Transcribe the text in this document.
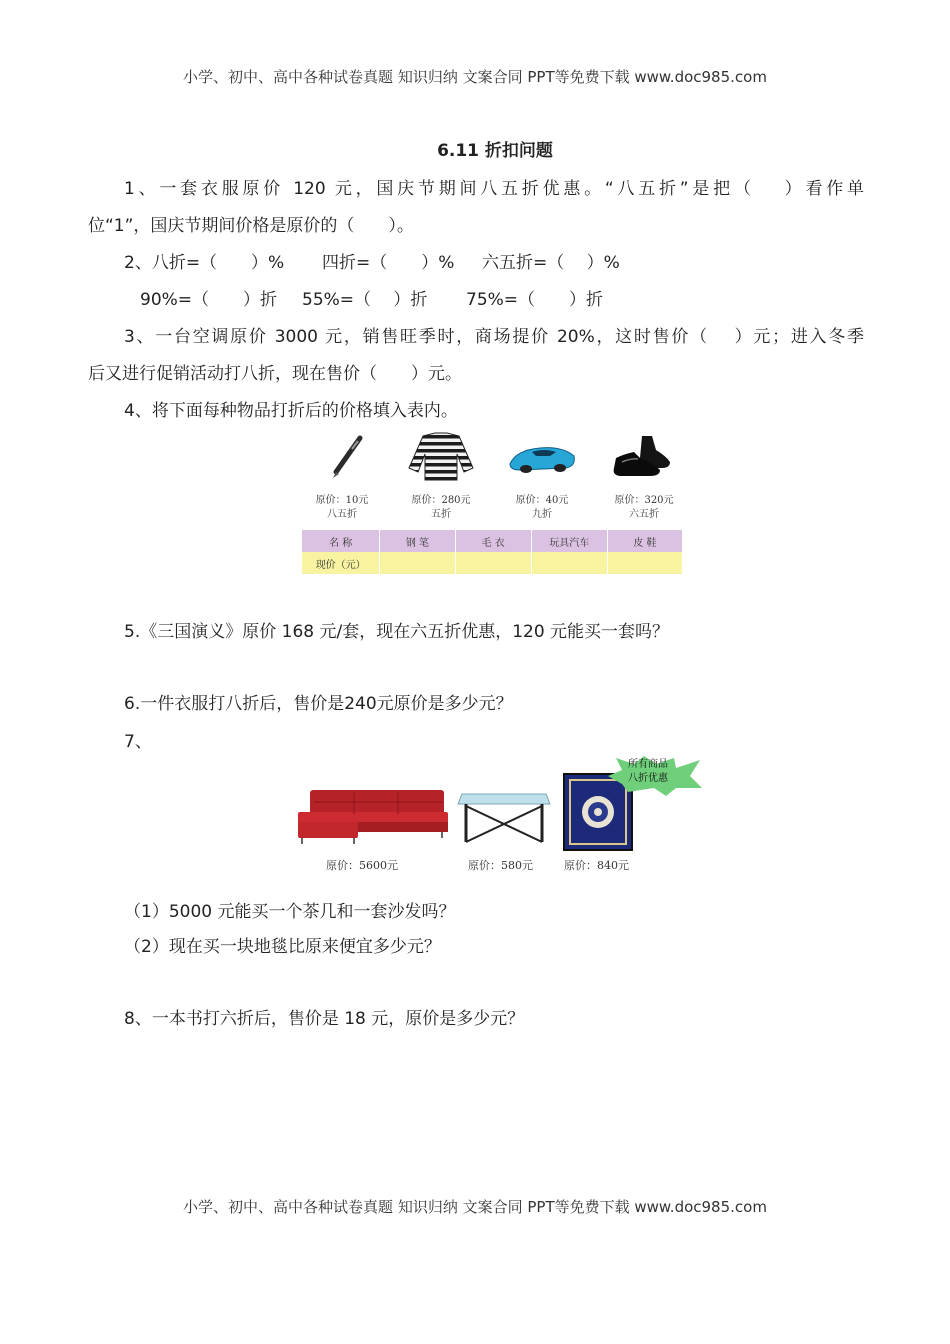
小学、初中、高中各种试卷真题 知识归纳 文案合同 PPT等免费下载 www.doc985.com
6.11 折扣问题
1、一套衣服原价 120 元，国庆节期间八五折优惠。“八五折”是把（　 ）看作单
位“1”，国庆节期间价格是原价的（　　）。
2、八折=（　　）% 四折=（　　）% 六五折=（　 ）%
90%=（　　）折 55%=（　 ）折 75%=（　　）折
3、一台空调原价 3000 元，销售旺季时，商场提价 20%，这时售价（　 ）元；进入冬季
后又进行促销活动打八折，现在售价（　　）元。
4、将下面每种物品打折后的价格填入表内。
原价：10元
八五折
原价：280元
五折
原价：40元
九折
原价：320元
六五折
名 称	钢 笔	毛 衣	玩具汽车	皮 鞋
现价（元）				
5.《三国演义》原价 168 元/套，现在六五折优惠，120 元能买一套吗？
6.一件衣服打八折后，售价是240元原价是多少元？
7、
所有商品
八折优惠
原价：5600元	原价：580元	原价：840元
（1）5000 元能买一个茶几和一套沙发吗？
（2）现在买一块地毯比原来便宜多少元？
8、一本书打六折后，售价是 18 元，原价是多少元？
小学、初中、高中各种试卷真题 知识归纳 文案合同 PPT等免费下载 www.doc985.com
